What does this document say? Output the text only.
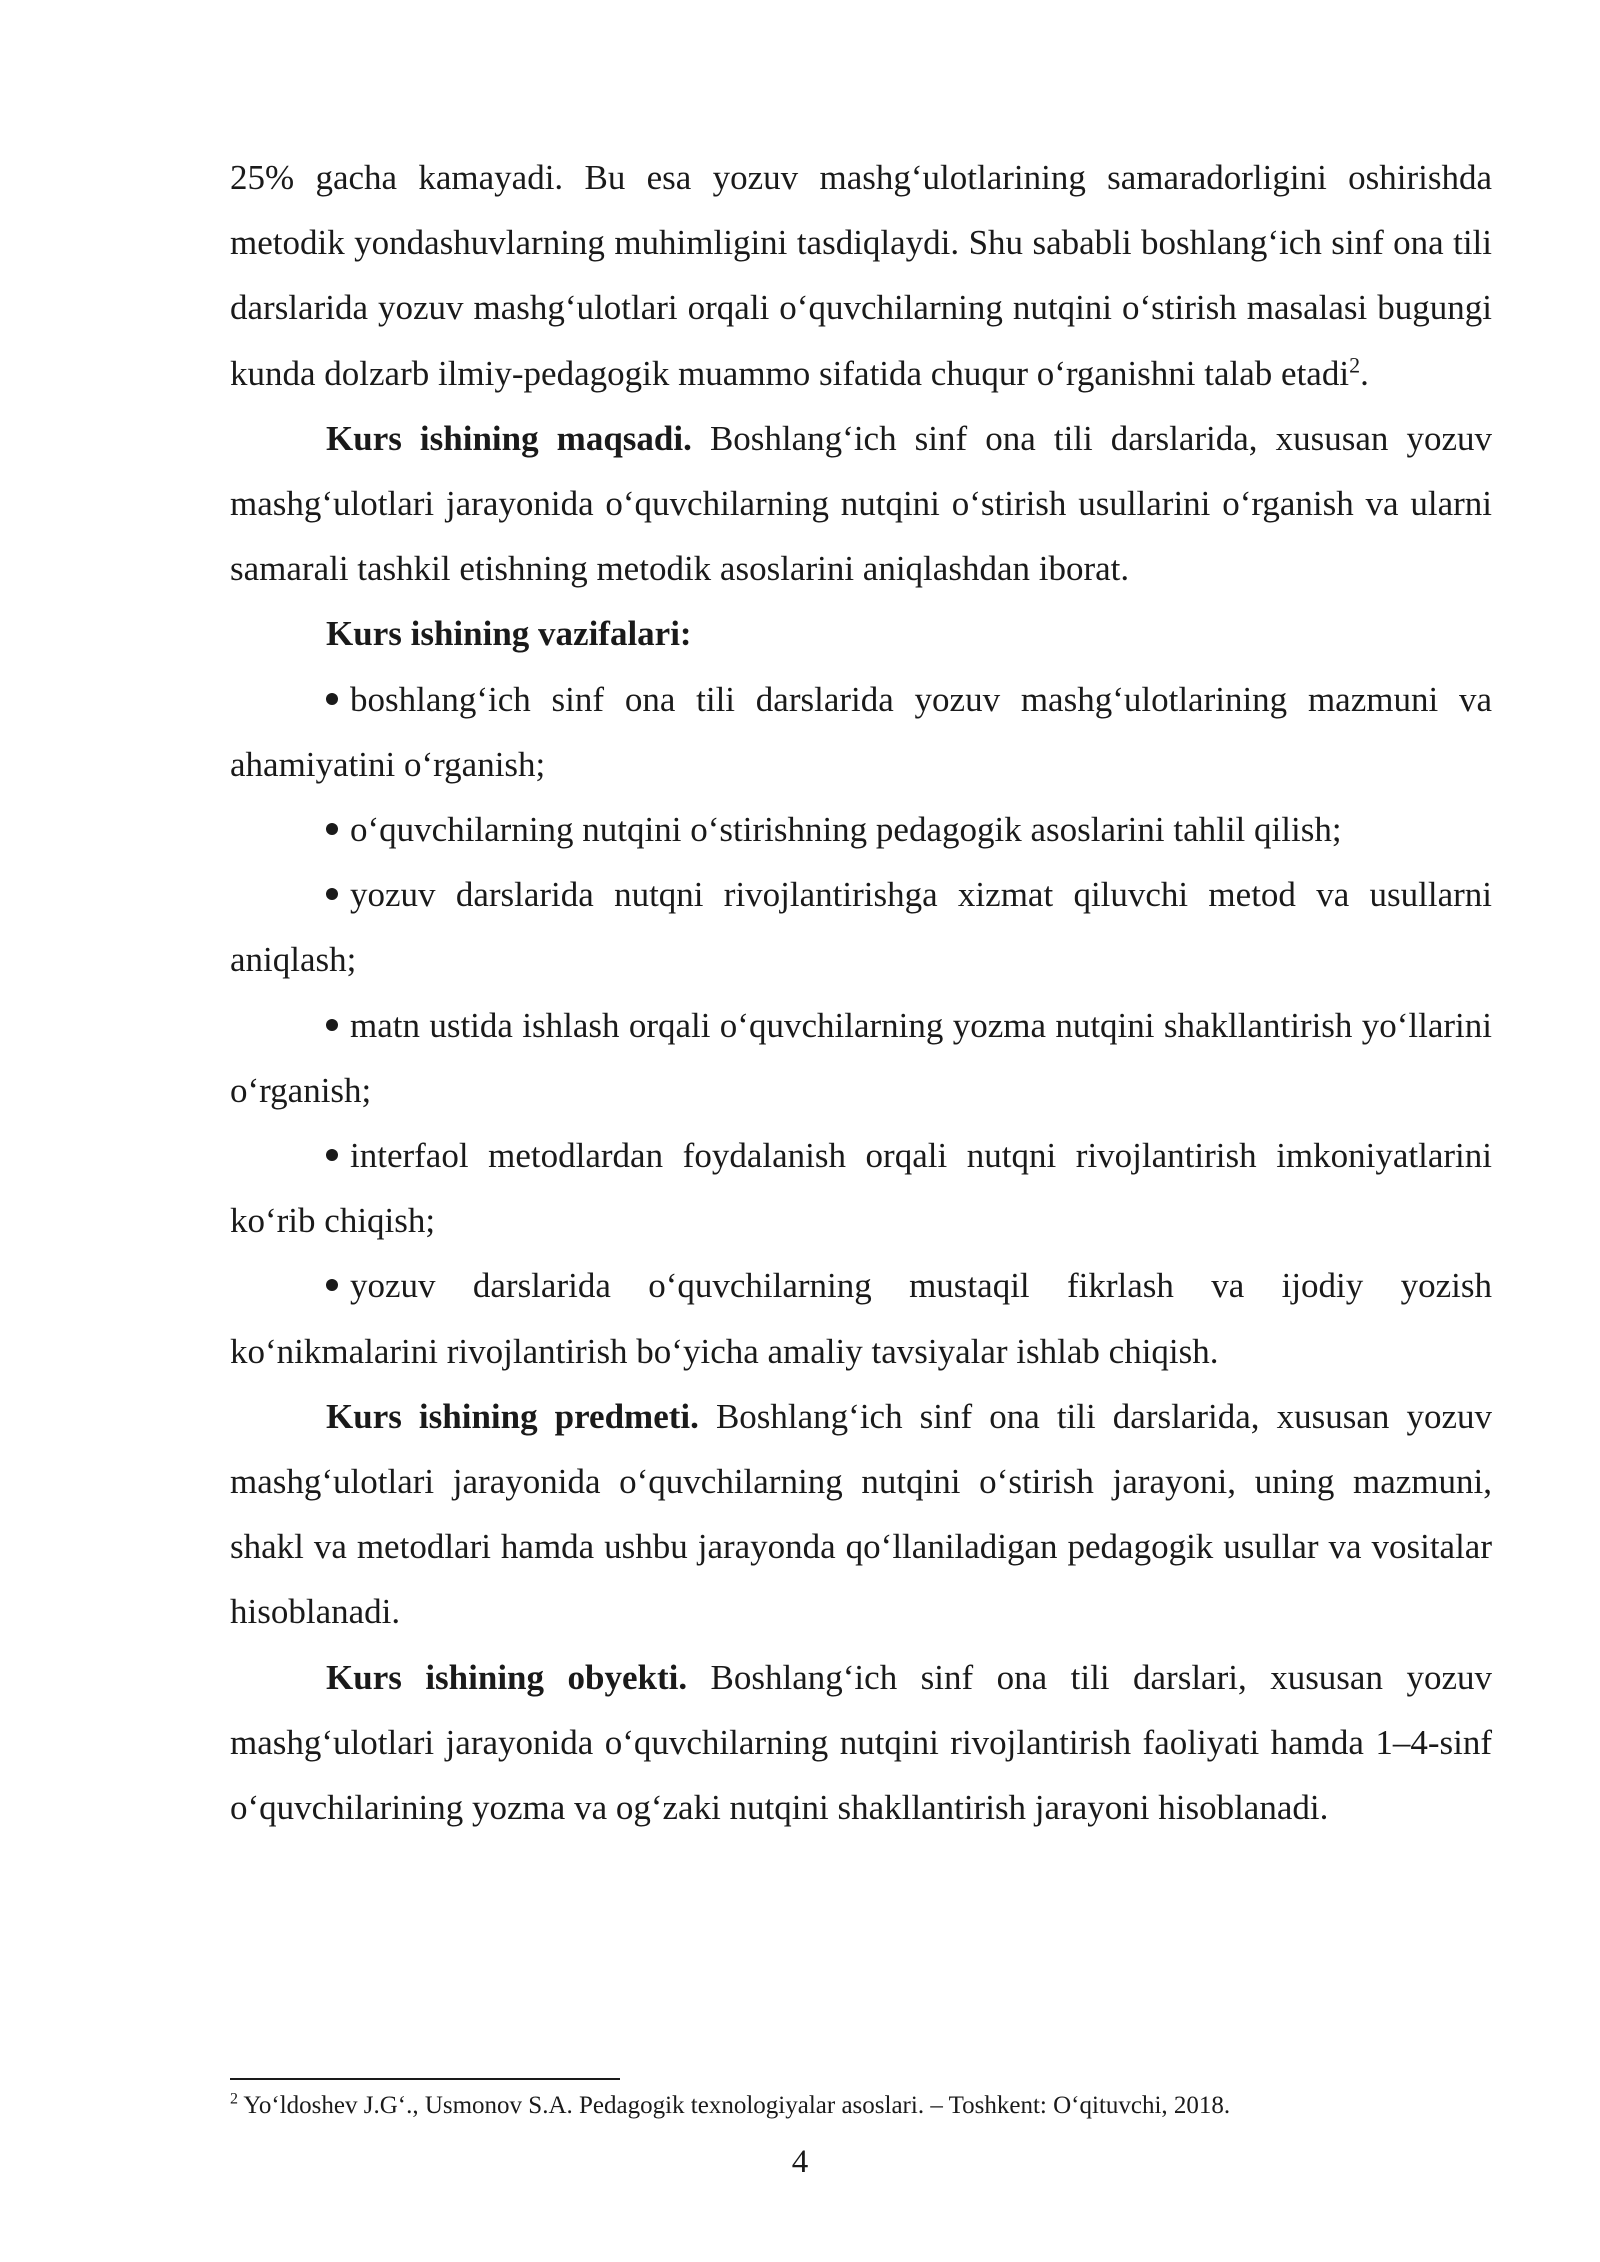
25% gacha kamayadi. Bu esa yozuv mashg‘ulotlarining samaradorligini oshirishda metodik yondashuvlarning muhimligini tasdiqlaydi. Shu sababli boshlang‘ich sinf ona tili darslarida yozuv mashg‘ulotlari orqali o‘quvchilarning nutqini o‘stirish masalasi bugungi kunda dolzarb ilmiy-pedagogik muammo sifatida chuqur o‘rganishni talab etadi$^2$.

Kurs ishining maqsadi. Boshlang‘ich sinf ona tili darslarida, xususan yozuv mashg‘ulotlari jarayonida o‘quvchilarning nutqini o‘stirish usullarini o‘rganish va ularni samarali tashkil etishning metodik asoslarini aniqlashdan iborat.

Kurs ishining vazifalari:

boshlang‘ich sinf ona tili darslarida yozuv mashg‘ulotlarining mazmuni va ahamiyatini o‘rganish;

o‘quvchilarning nutqini o‘stirishning pedagogik asoslarini tahlil qilish;

yozuv darslarida nutqni rivojlantirishga xizmat qiluvchi metod va usullarni aniqlash;

matn ustida ishlash orqali o‘quvchilarning yozma nutqini shakllantirish yo‘llarini o‘rganish;

interfaol metodlardan foydalanish orqali nutqni rivojlantirish imkoniyatlarini ko‘rib chiqish;

yozuv darslarida o‘quvchilarning mustaqil fikrlash va ijodiy yozish ko‘nikmalarini rivojlantirish bo‘yicha amaliy tavsiyalar ishlab chiqish.

Kurs ishining predmeti. Boshlang‘ich sinf ona tili darslarida, xususan yozuv mashg‘ulotlari jarayonida o‘quvchilarning nutqini o‘stirish jarayoni, uning mazmuni, shakl va metodlari hamda ushbu jarayonda qo‘llaniladigan pedagogik usullar va vositalar hisoblanadi.

Kurs ishining obyekti. Boshlang‘ich sinf ona tili darslari, xususan yozuv mashg‘ulotlari jarayonida o‘quvchilarning nutqini rivojlantirish faoliyati hamda 1–4-sinf o‘quvchilarining yozma va og‘zaki nutqini shakllantirish jarayoni hisoblanadi.

$^2$ Yo‘ldoshev J.G‘., Usmonov S.A. Pedagogik texnologiyalar asoslari. – Toshkent: O‘qituvchi, 2018.
4
